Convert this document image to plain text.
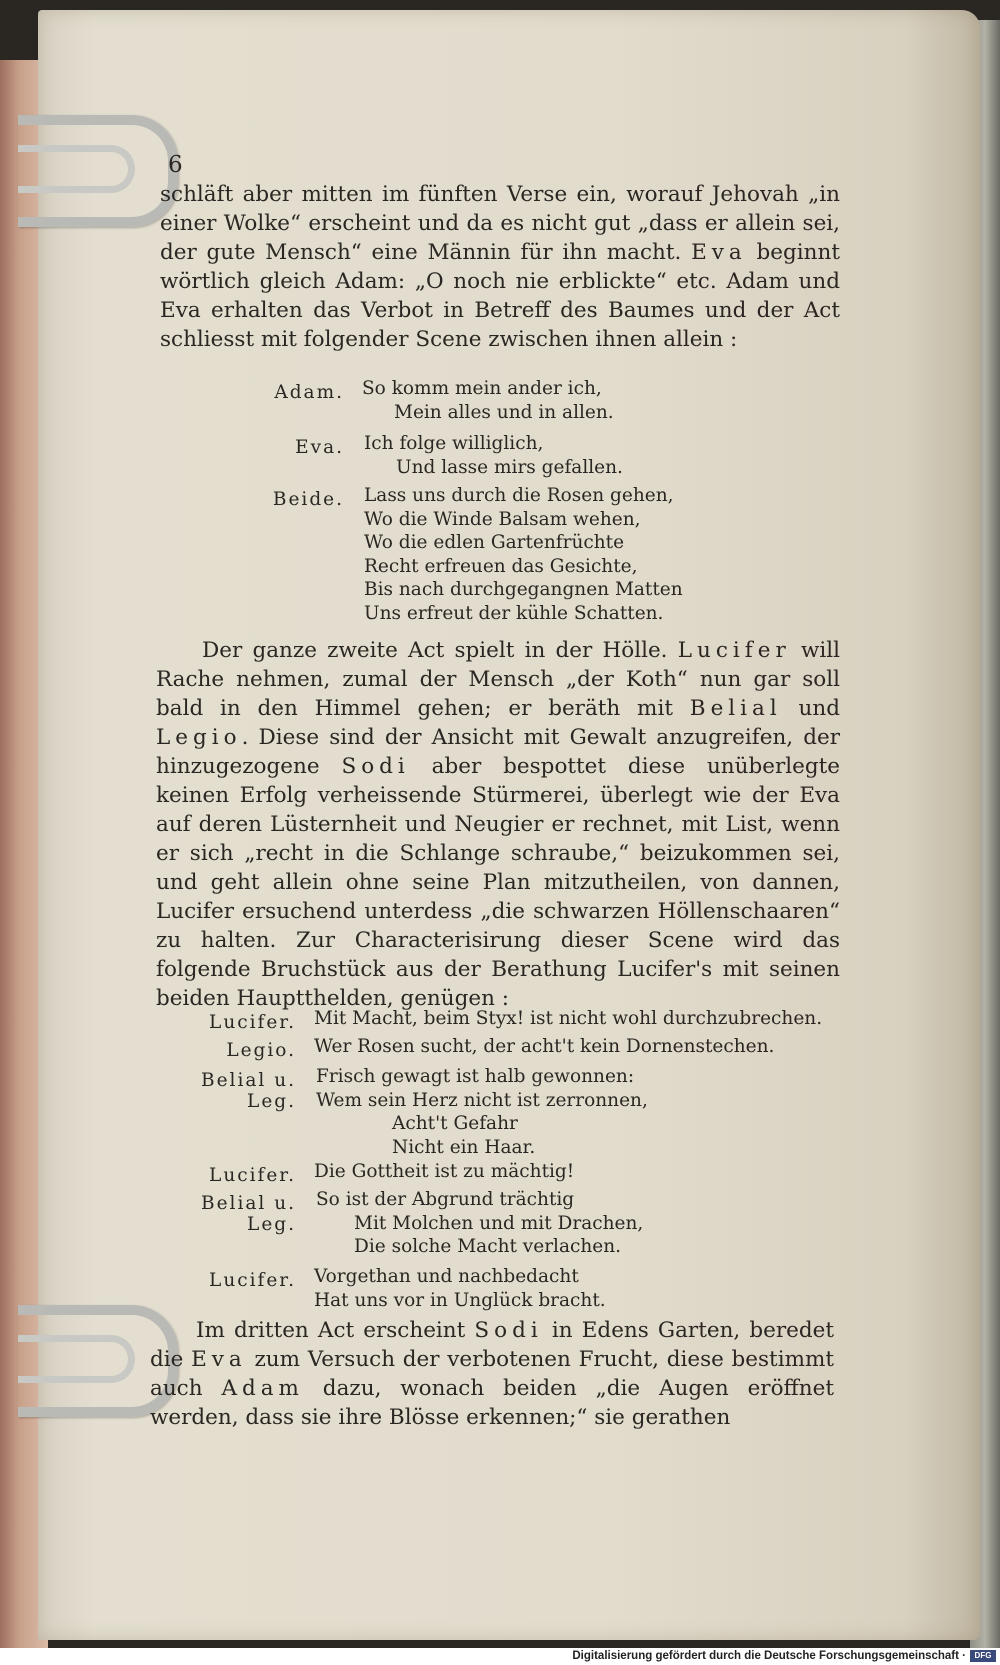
6

schläft aber mitten im fünften Verse ein, worauf Jehovah „in einer Wolke“ erscheint und da es nicht gut „dass er allein sei, der gute Mensch“ eine Männin für ihn macht. Eva beginnt wörtlich gleich Adam: „O noch nie erblickte“ etc. Adam und Eva erhalten das Verbot in Betreff des Baumes und der Act schliesst mit folgender Scene zwischen ihnen allein :

Adam. So komm mein ander ich,
Mein alles und in allen.
Eva. Ich folge williglich,
Und lasse mirs gefallen.
Beide. Lass uns durch die Rosen gehen,
Wo die Winde Balsam wehen,
Wo die edlen Gartenfrüchte
Recht erfreuen das Gesichte,
Bis nach durchgegangnen Matten
Uns erfreut der kühle Schatten.

Der ganze zweite Act spielt in der Hölle. Lucifer will Rache nehmen, zumal der Mensch „der Koth“ nun gar soll bald in den Himmel gehen; er beräth mit Belial und Legio. Diese sind der Ansicht mit Gewalt anzugreifen, der hinzugezogene Sodi aber bespottet diese unüberlegte keinen Erfolg verheissende Stürmerei, überlegt wie der Eva auf deren Lüsternheit und Neugier er rechnet, mit List, wenn er sich „recht in die Schlange schraube,“ beizukommen sei, und geht allein ohne seine Plan mitzutheilen, von dannen, Lucifer ersuchend unterdess „die schwarzen Höllenschaaren“ zu halten. Zur Characterisirung dieser Scene wird das folgende Bruchstück aus der Berathung Lucifer's mit seinen beiden Hauptthelden, genügen :

Lucifer. Mit Macht, beim Styx! ist nicht wohl durchzubrechen.
Legio. Wer Rosen sucht, der acht't kein Dornenstechen.
Belial u. Leg.
Frisch gewagt ist halb gewonnen:
Wem sein Herz nicht ist zerronnen,
Acht't Gefahr
Nicht ein Haar.
Lucifer. Die Gottheit ist zu mächtig!
Belial u. Leg.
So ist der Abgrund trächtig
Mit Molchen und mit Drachen,
Die solche Macht verlachen.
Lucifer. Vorgethan und nachbedacht
Hat uns vor in Unglück bracht.

Im dritten Act erscheint Sodi in Edens Garten, beredet die Eva zum Versuch der verbotenen Frucht, diese bestimmt auch Adam dazu, wonach beiden „die Augen eröffnet werden, dass sie ihre Blösse erkennen;“ sie gerathen

Digitalisierung gefördert durch die Deutsche Forschungsgemeinschaft ·	DFG
